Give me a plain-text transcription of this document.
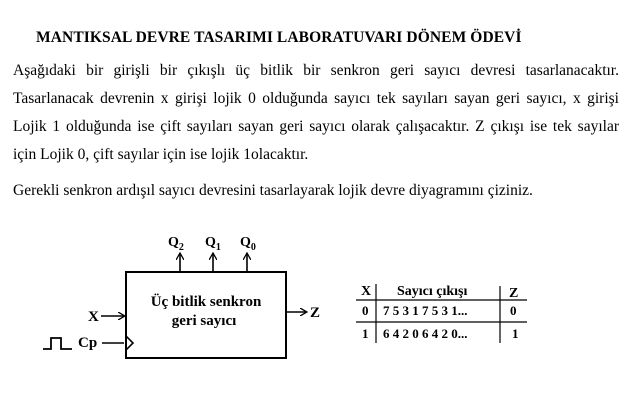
MANTIKSAL DEVRE TASARIMI LABORATUVARI DÖNEM ÖDEVİ
Aşağıdaki bir girişli bir çıkışlı üç bitlik bir senkron geri sayıcı devresi tasarlanacaktır.
Tasarlanacak devrenin x girişi lojik 0 olduğunda sayıcı tek sayıları sayan geri sayıcı, x girişi
Lojik 1 olduğunda ise çift sayıları sayan geri sayıcı olarak çalışacaktır. Z çıkışı ise tek sayılar
için Lojik 0, çift sayılar için ise lojik 1olacaktır.
Gerekli senkron ardışıl sayıcı devresini tasarlayarak lojik devre diyagramını çiziniz.
Üç bitlik senkron
geri sayıcı
$Q_2$ $Q_1$ $Q_0$
X
Cp
Z
X Sayıcı çıkışı	Z
0 7 5 3 1 7 5 3 1...	0
1 6 4 2 0 6 4 2 0...	1
